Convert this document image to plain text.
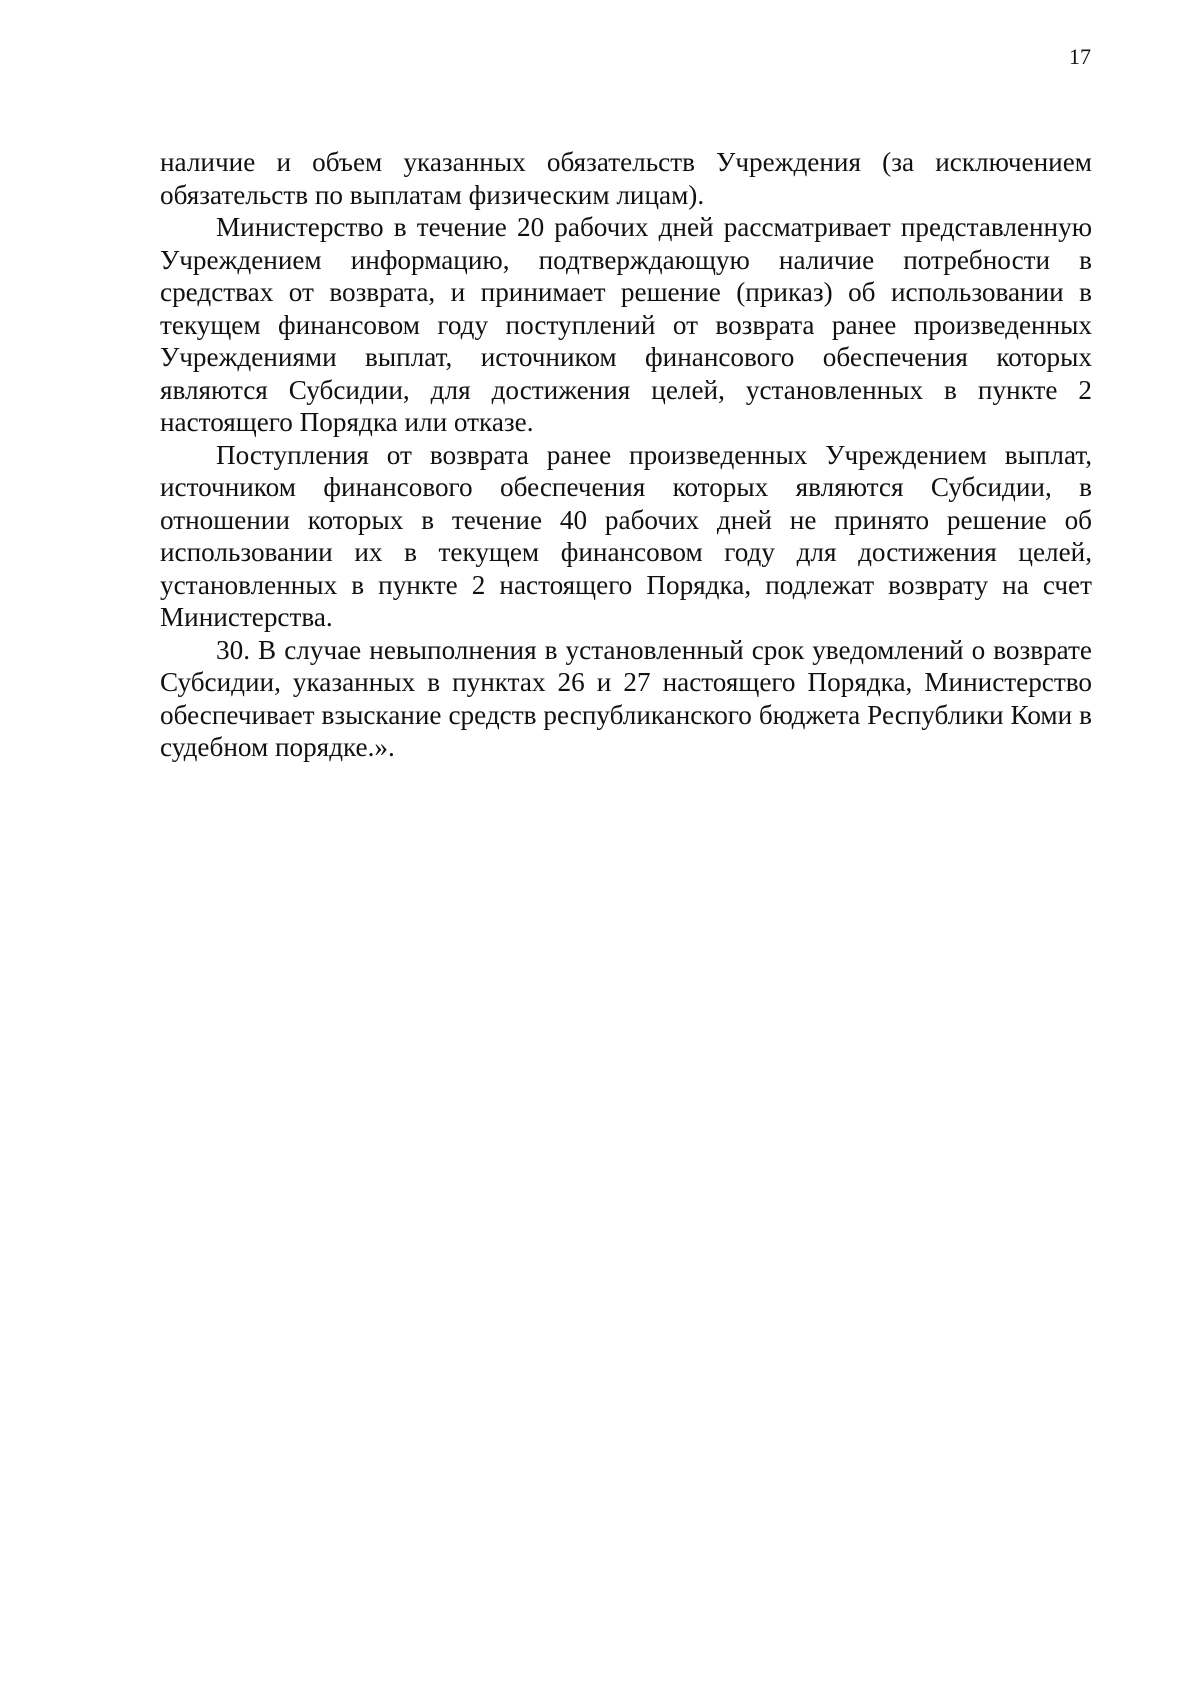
17

наличие и объем указанных обязательств Учреждения (за исключением обязательств по выплатам физическим лицам).

Министерство в течение 20 рабочих дней рассматривает представленную Учреждением информацию, подтверждающую наличие потребности в средствах от возврата, и принимает решение (приказ) об использовании в текущем финансовом году поступлений от возврата ранее произведенных Учреждениями выплат, источником финансового обеспечения которых являются Субсидии, для достижения целей, установленных в пункте 2 настоящего Порядка или отказе.

Поступления от возврата ранее произведенных Учреждением выплат, источником финансового обеспечения которых являются Субсидии, в отношении которых в течение 40 рабочих дней не принято решение об использовании их в текущем финансовом году для достижения целей, установленных в пункте 2 настоящего Порядка, подлежат возврату на счет Министерства.

30. В случае невыполнения в установленный срок уведомлений о возврате Субсидии, указанных в пунктах 26 и 27 настоящего Порядка, Министерство обеспечивает взыскание средств республиканского бюджета Республики Коми в судебном порядке.».
